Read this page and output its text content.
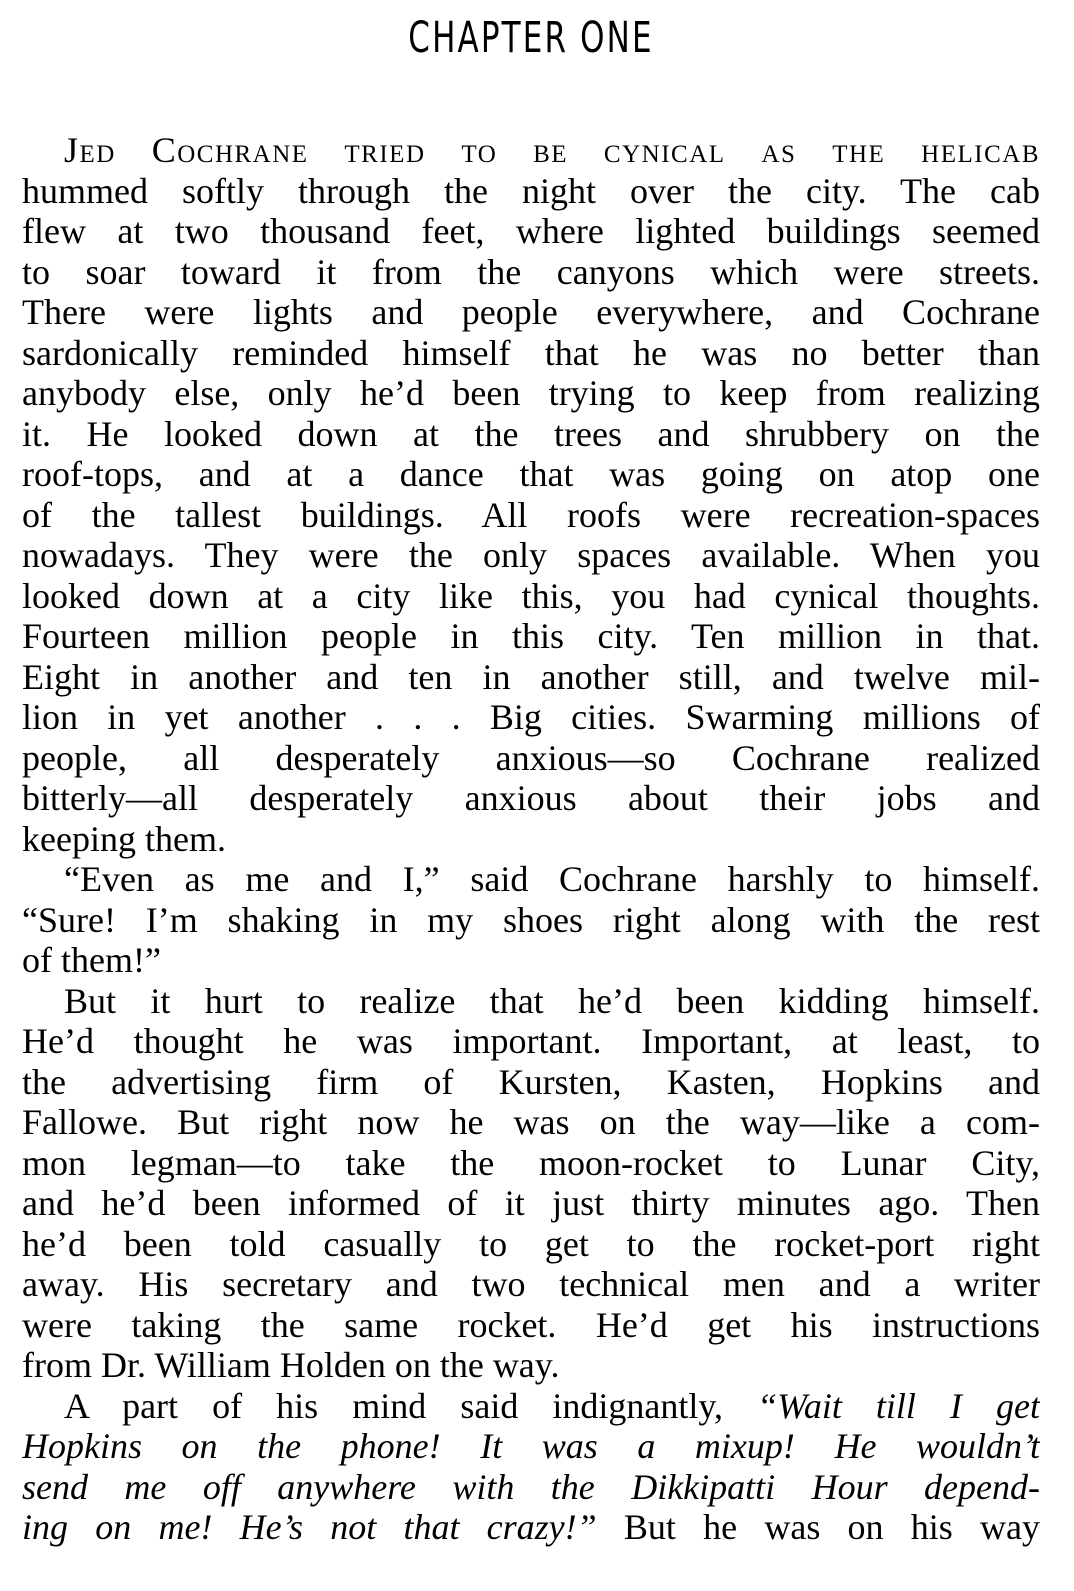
CHAPTER ONE
Jed Cochrane tried to be cynical as the helicab
hummed softly through the night over the city. The cab
flew at two thousand feet, where lighted buildings seemed
to soar toward it from the canyons which were streets.
There were lights and people everywhere, and Cochrane
sardonically reminded himself that he was no better than
anybody else, only he’d been trying to keep from realizing
it. He looked down at the trees and shrubbery on the
roof-tops, and at a dance that was going on atop one
of the tallest buildings. All roofs were recreation-spaces
nowadays. They were the only spaces available. When you
looked down at a city like this, you had cynical thoughts.
Fourteen million people in this city. Ten million in that.
Eight in another and ten in another still, and twelve mil-
lion in yet another . . . Big cities. Swarming millions of
people, all desperately anxious—so Cochrane realized
bitterly—all desperately anxious about their jobs and
keeping them.
“Even as me and I,” said Cochrane harshly to himself.
“Sure! I’m shaking in my shoes right along with the rest
of them!”
But it hurt to realize that he’d been kidding himself.
He’d thought he was important. Important, at least, to
the advertising firm of Kursten, Kasten, Hopkins and
Fallowe. But right now he was on the way—like a com-
mon legman—to take the moon-rocket to Lunar City,
and he’d been informed of it just thirty minutes ago. Then
he’d been told casually to get to the rocket-port right
away. His secretary and two technical men and a writer
were taking the same rocket. He’d get his instructions
from Dr. William Holden on the way.
A part of his mind said indignantly, “Wait till I get
Hopkins on the phone! It was a mixup! He wouldn’t
send me off anywhere with the Dikkipatti Hour depend-
ing on me! He’s not that crazy!” But he was on his way
